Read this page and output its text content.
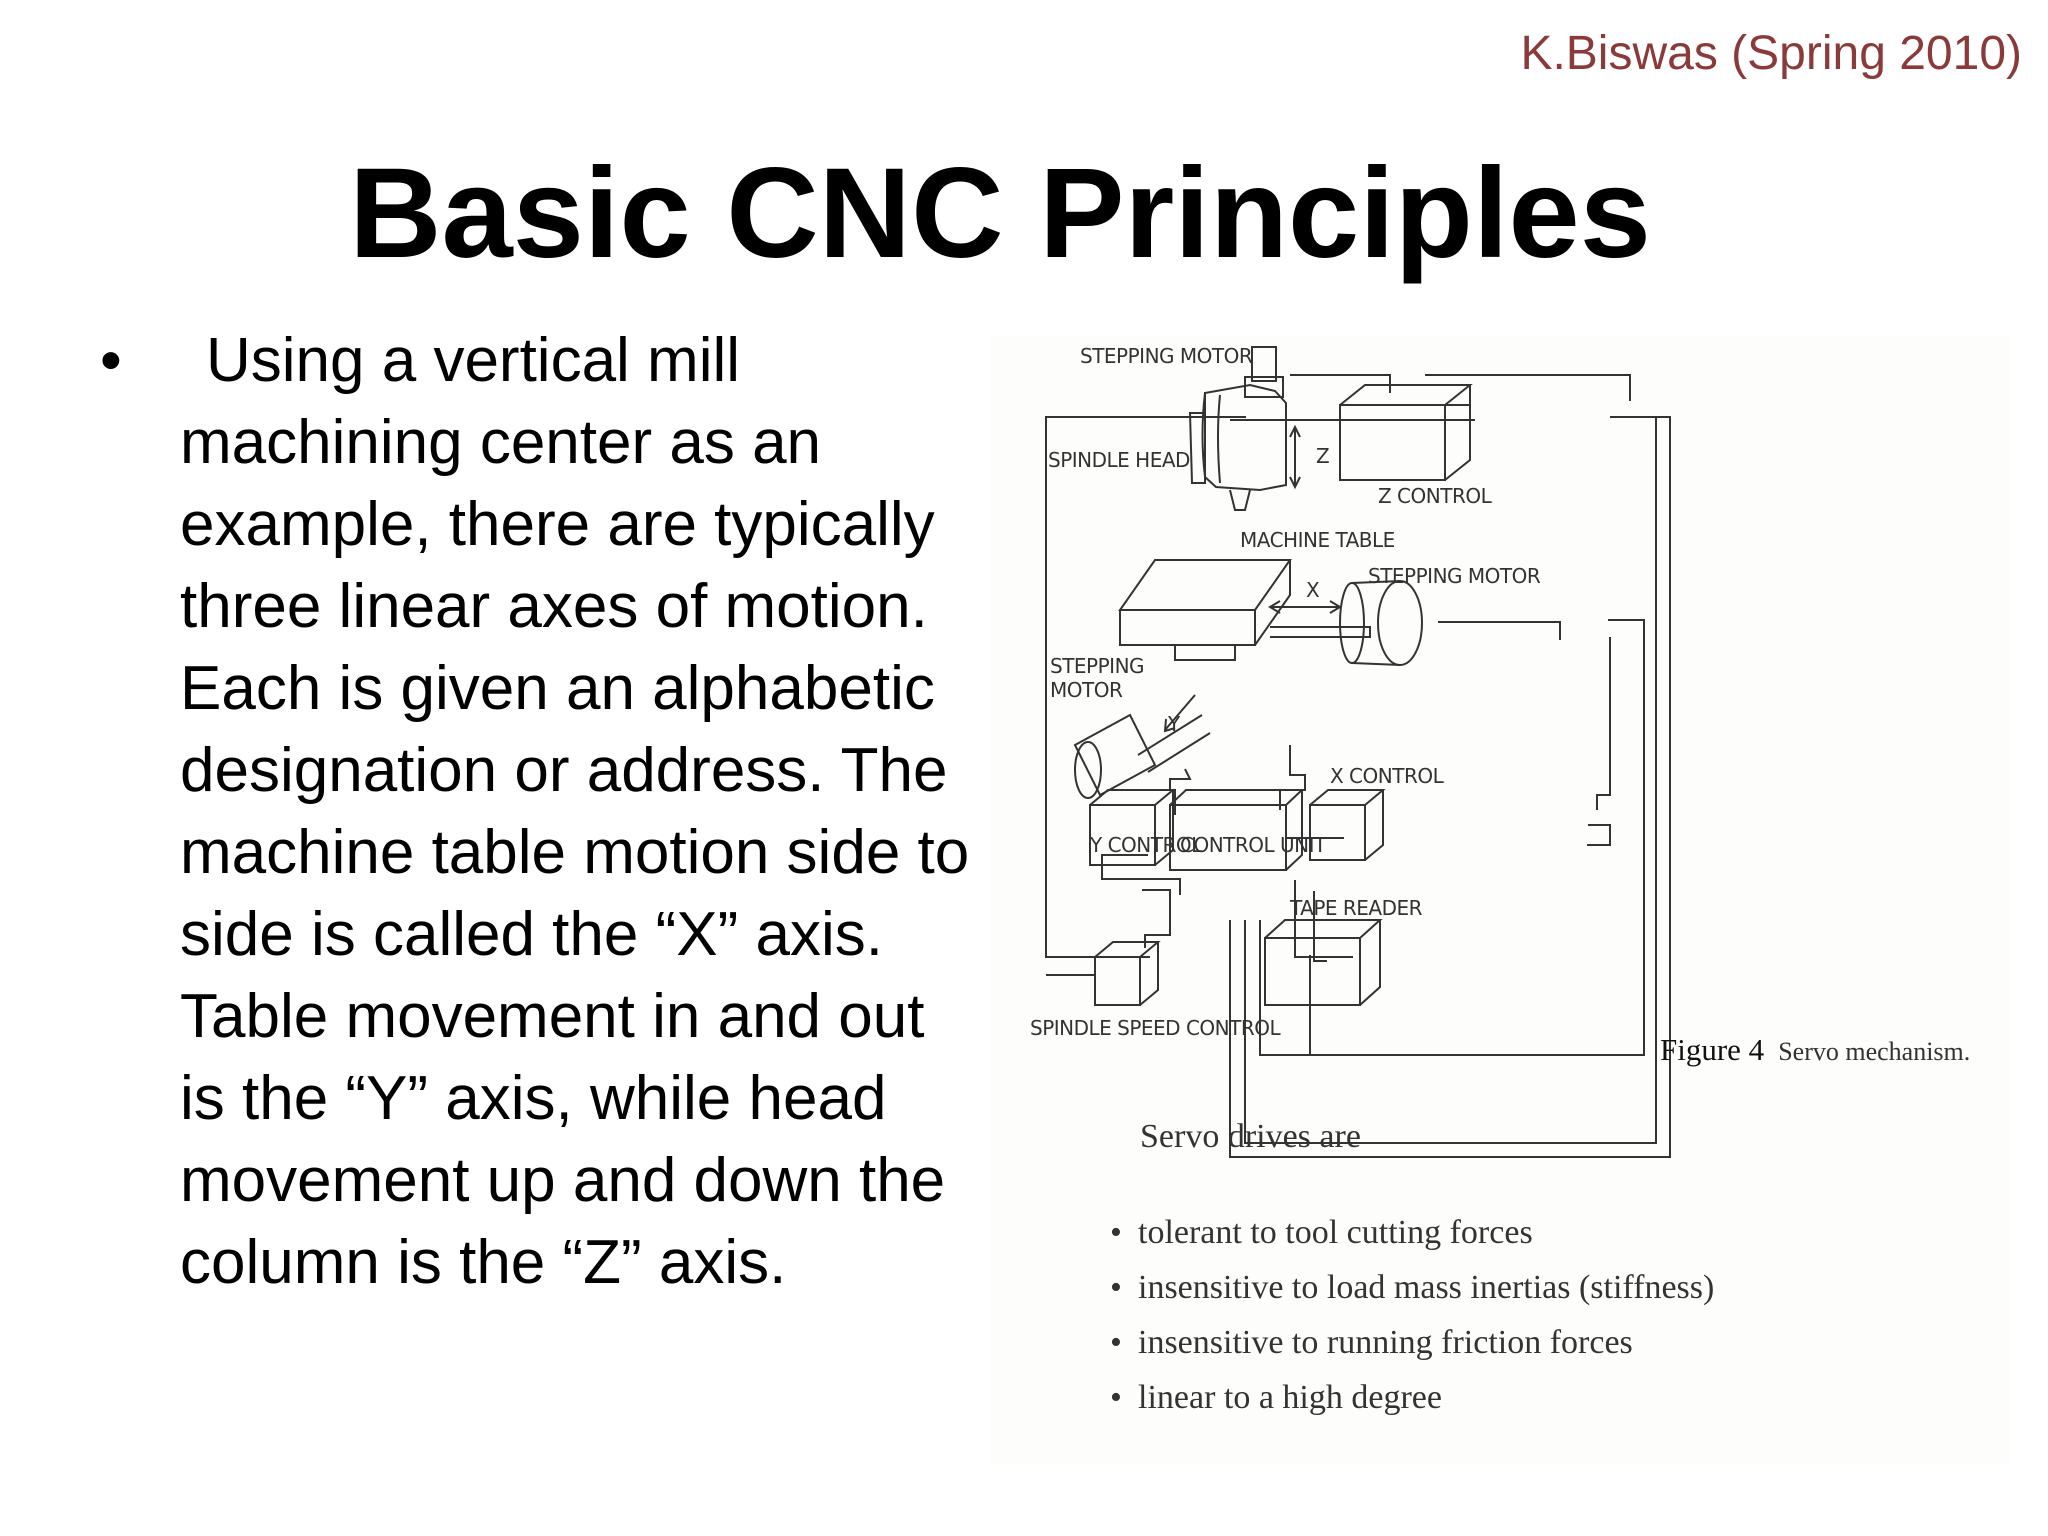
K.Biswas (Spring 2010)
Basic CNC Principles
•	Using a vertical mill machining center as an example, there are typically three linear axes of motion. Each is given an alphabetic designation or address. The machine table motion side to side is called the “X” axis. Table movement in and out is the “Y” axis, while head movement up and down the column is the “Z” axis.
STEPPING MOTOR
SPINDLE HEAD	Z
Z CONTROL
MACHINE TABLE
X
STEPPING MOTOR
STEPPING
MOTOR
Y
X CONTROL
Y CONTROL
CONTROL UNIT
TAPE READER
SPINDLE SPEED CONTROL
Figure 4 Servo mechanism.
Servo drives are
• tolerant to tool cutting forces
• insensitive to load mass inertias (stiffness)
• insensitive to running friction forces
• linear to a high degree
